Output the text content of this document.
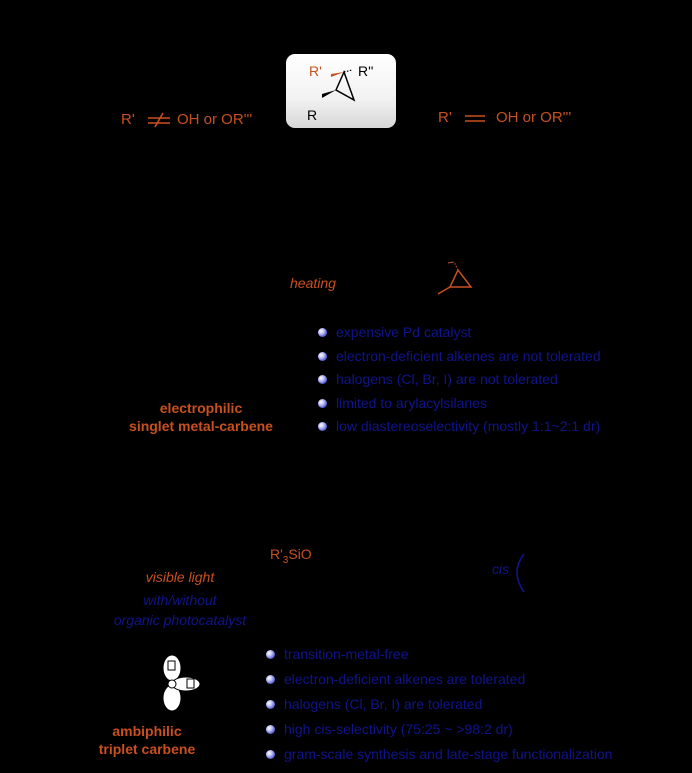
R'	OH or OR'''
R'	R''
R	R'	OH or OR'''
heating
expensive Pd catalyst
electron-deficient alkenes are not tolerated
halogens (Cl, Br, I) are not tolerated
limited to arylacylsilanes
low diastereoselectivity (mostly 1:1~2:1 dr)
electrophilic
singlet metal-carbene
$R'_3SiO$
cis
HO
visible light
with/without
organic photocatalyst
ambiphilic
triplet carbene
transition-metal-free
electron-deficient alkenes are tolerated
halogens (Cl, Br, I) are tolerated
high cis-selectivity (75:25 ~ >98:2 dr)
gram-scale synthesis and late-stage functionalization
